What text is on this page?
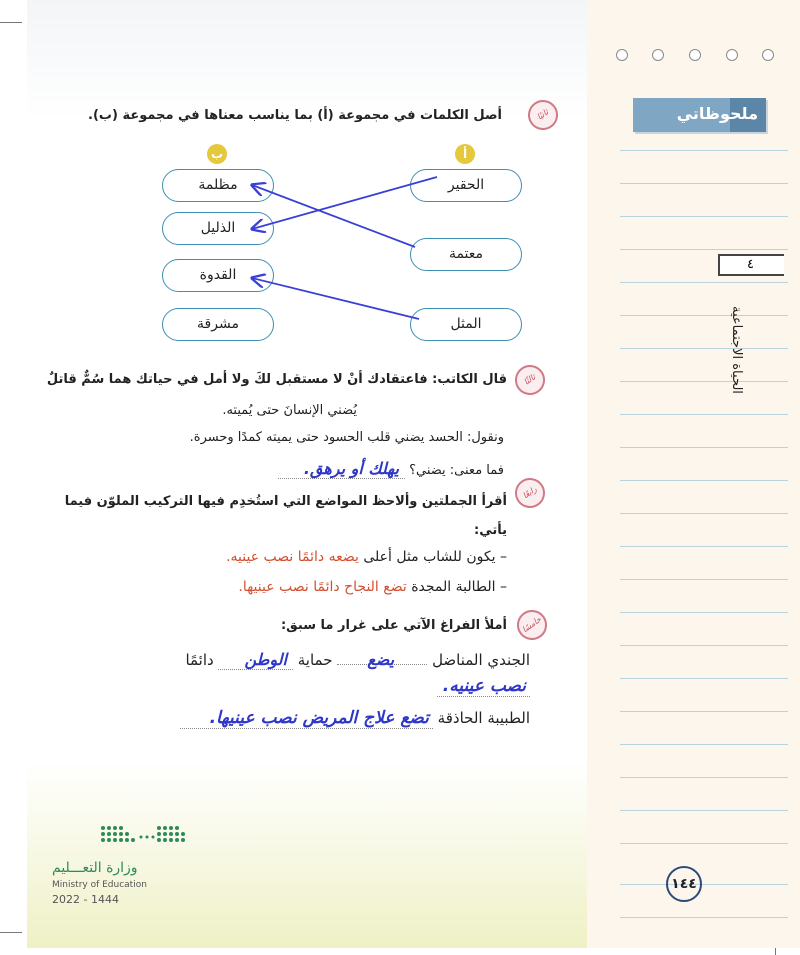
ملحوظاتي
٤
الحياة الاجتماعية
١٤٤
ثانيًا
أصل الكلمات في مجموعة (أ) بما يناسب معناها في مجموعة (ب).
أ
ب
الحقير
معتمة
المثل
مظلمة
الذليل
القدوة
مشرقة
ثالثًا
قال الكاتب: فاعتقادك أنْ لا مستقبل لكَ ولا أمل في حياتك هما سُمٌّ قاتلٌ
يُضني الإنسانَ حتى يُميته.
ونقول: الحسد يضني قلب الحسود حتى يميته كمدًا وحسرة.
فما معنى: يضني؟ يهلك أو يرهق.
رابعًا
أقرأ الجملتين وألاحظ المواضع التي استُخدِم فيها التركيب الملوّن فيما
يأتي:
– يكون للشاب مثل أعلى يضعه دائمًا نصب عينيه.
– الطالبة المجدة تضع النجاح دائمًا نصب عينيها.
خامسًا
أملأ الفراغ الآتي على غرار ما سبق:
الجندي المناضل
يضع
حماية الوطن دائمًا
نصب عينيه.
الطبيبة الحاذقة تضع علاج المريض نصب عينيها.
وزارة التعـــليم
Ministry of Education
2022 - 1444
